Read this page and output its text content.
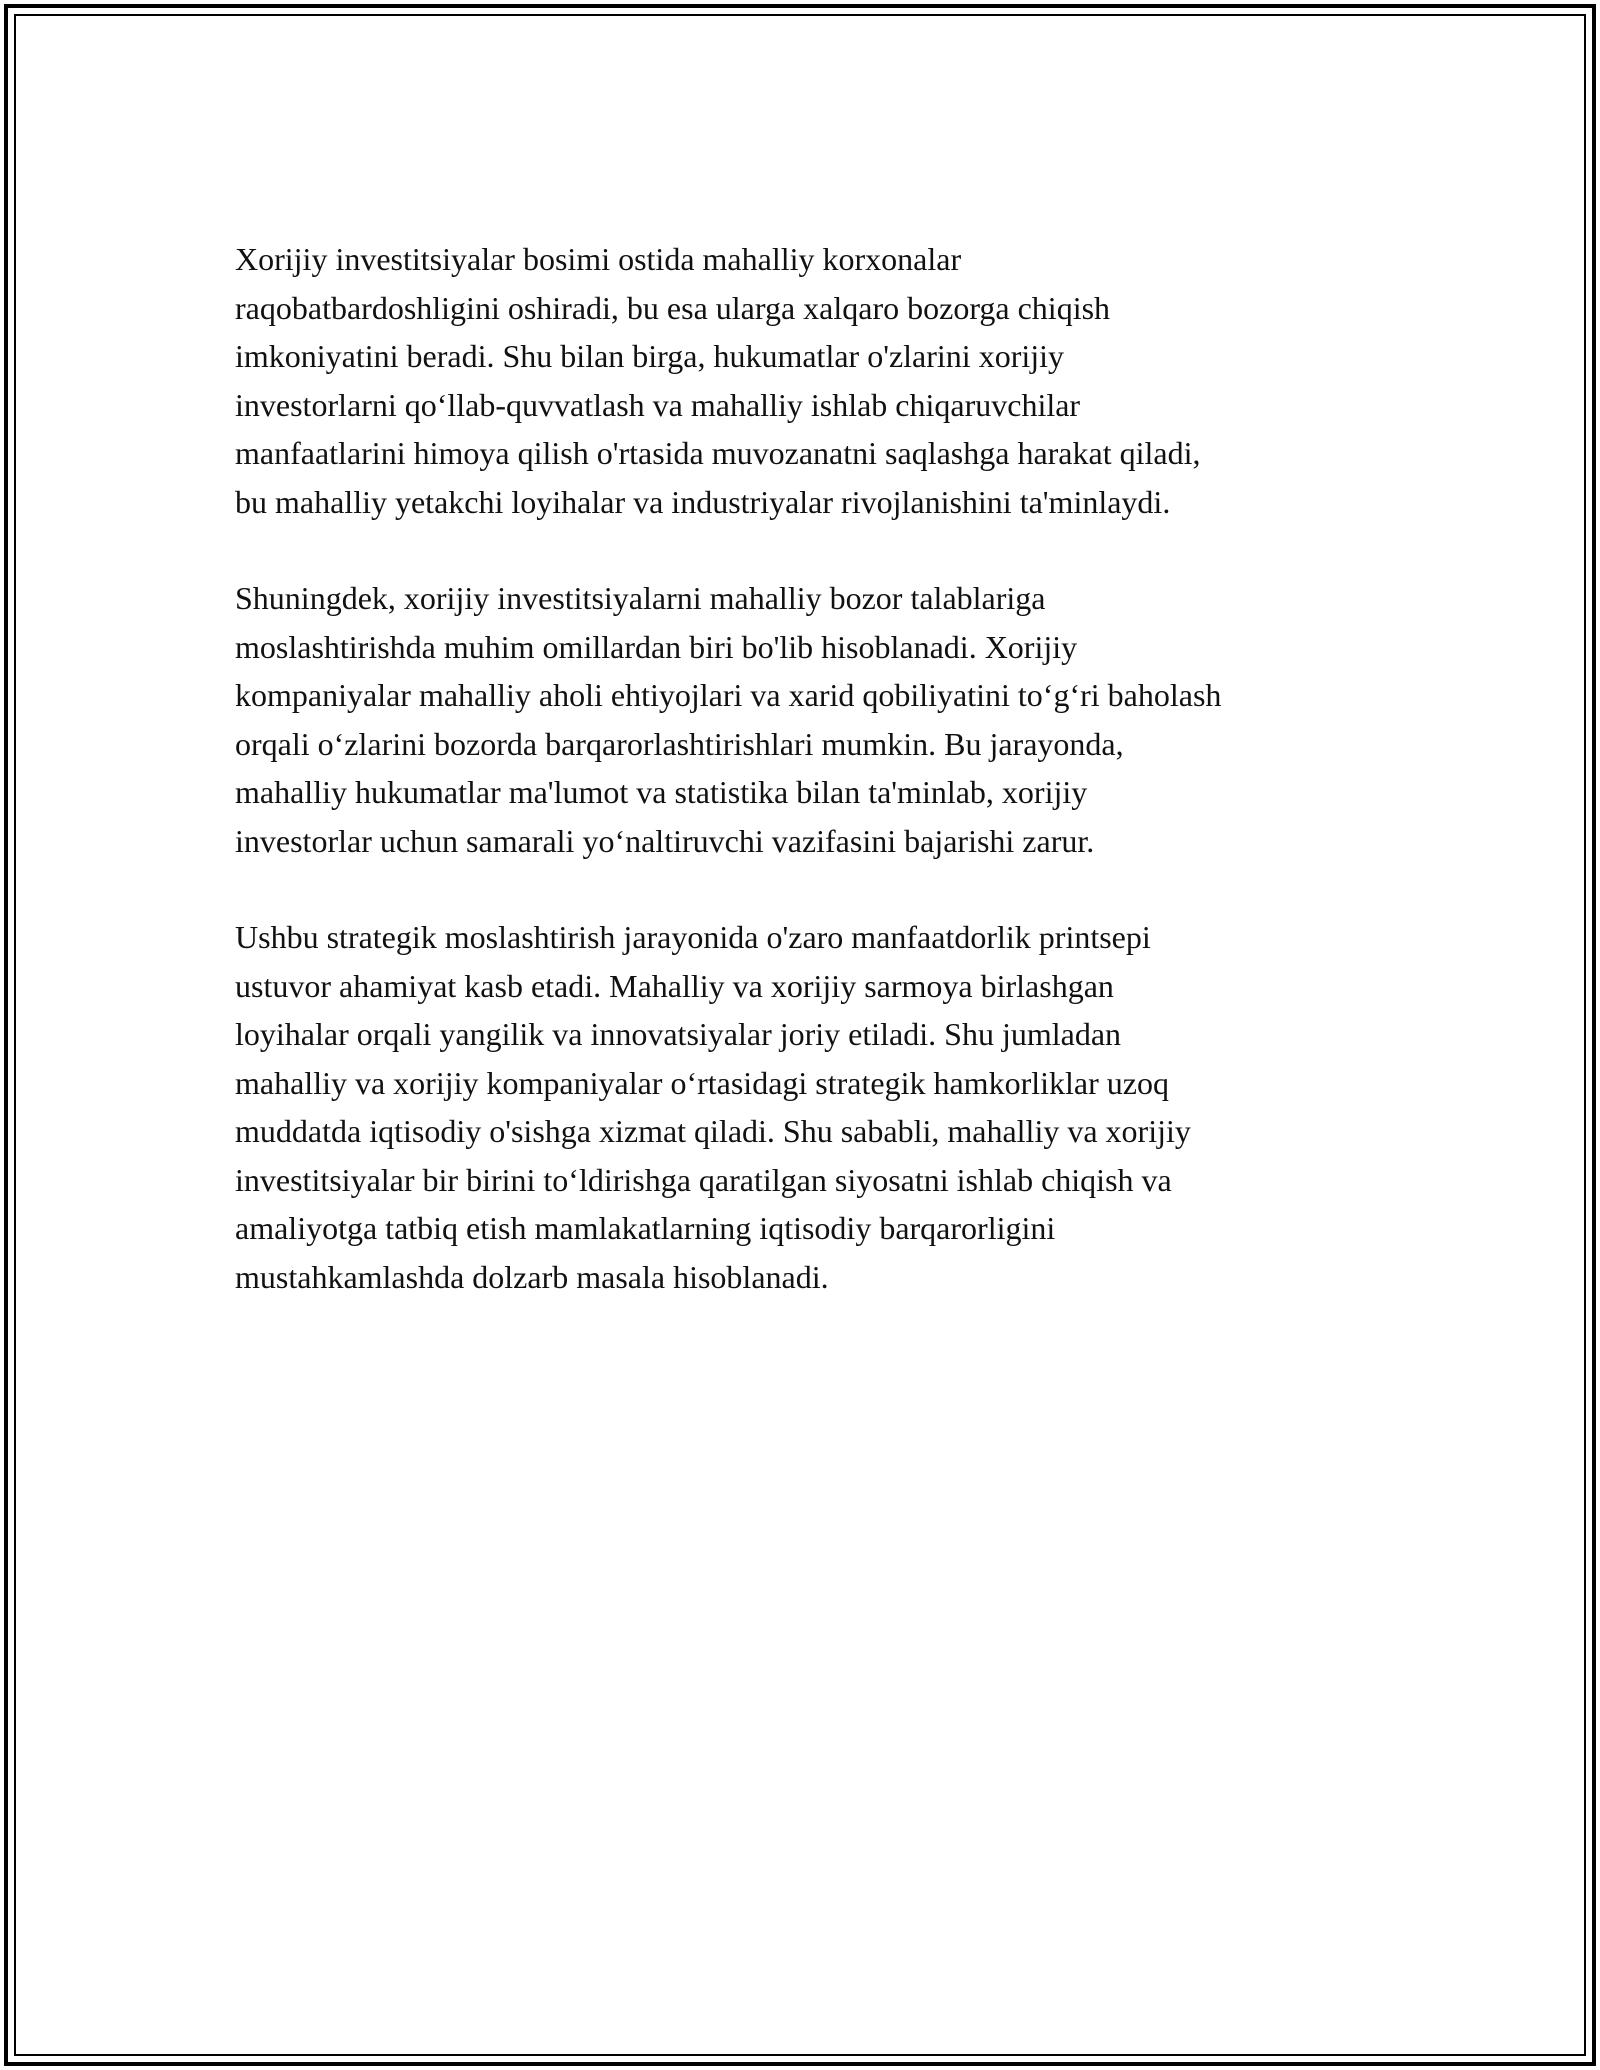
Xorijiy investitsiyalar bosimi ostida mahalliy korxonalar
raqobatbardoshligini oshiradi, bu esa ularga xalqaro bozorga chiqish
imkoniyatini beradi. Shu bilan birga, hukumatlar o'zlarini xorijiy
investorlarni qo‘llab-quvvatlash va mahalliy ishlab chiqaruvchilar
manfaatlarini himoya qilish o'rtasida muvozanatni saqlashga harakat qiladi,
bu mahalliy yetakchi loyihalar va industriyalar rivojlanishini ta'minlaydi.

Shuningdek, xorijiy investitsiyalarni mahalliy bozor talablariga
moslashtirishda muhim omillardan biri bo'lib hisoblanadi. Xorijiy
kompaniyalar mahalliy aholi ehtiyojlari va xarid qobiliyatini to‘g‘ri baholash
orqali o‘zlarini bozorda barqarorlashtirishlari mumkin. Bu jarayonda,
mahalliy hukumatlar ma'lumot va statistika bilan ta'minlab, xorijiy
investorlar uchun samarali yo‘naltiruvchi vazifasini bajarishi zarur.

Ushbu strategik moslashtirish jarayonida o'zaro manfaatdorlik printsepi
ustuvor ahamiyat kasb etadi. Mahalliy va xorijiy sarmoya birlashgan
loyihalar orqali yangilik va innovatsiyalar joriy etiladi. Shu jumladan
mahalliy va xorijiy kompaniyalar o‘rtasidagi strategik hamkorliklar uzoq
muddatda iqtisodiy o'sishga xizmat qiladi. Shu sababli, mahalliy va xorijiy
investitsiyalar bir birini to‘ldirishga qaratilgan siyosatni ishlab chiqish va
amaliyotga tatbiq etish mamlakatlarning iqtisodiy barqarorligini
mustahkamlashda dolzarb masala hisoblanadi.
